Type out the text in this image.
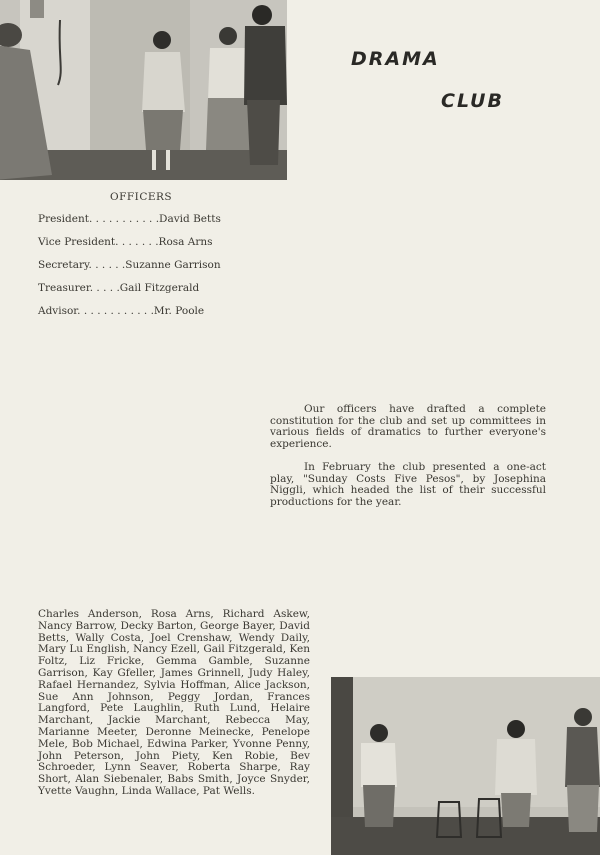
DRAMA
CLUB
OFFICERS
President. . . . . . . . . . .David Betts
Vice President. . . . . . .Rosa Arns
Secretary. . . . . .Suzanne Garrison
Treasurer. . . . .Gail Fitzgerald
Advisor. . . . . . . . . . . .Mr. Poole

Our officers have drafted a complete constitution for the club and set up committees in various fields of dramatics to further everyone's experience.

In February the club presented a one-act play, "Sunday Costs Five Pesos", by Josephina Niggli, which headed the list of their successful productions for the year.

Charles Anderson, Rosa Arns, Richard Askew, Nancy Barrow, Decky Barton, George Bayer, David Betts, Wally Costa, Joel Crenshaw, Wendy Daily, Mary Lu English, Nancy Ezell, Gail Fitzgerald, Ken Foltz, Liz Fricke, Gemma Gamble, Suzanne Garrison, Kay Gfeller, James Grinnell, Judy Haley, Rafael Hernandez, Sylvia Hoffman, Alice Jackson, Sue Ann Johnson, Peggy Jordan, Frances Langford, Pete Laughlin, Ruth Lund, Helaire Marchant, Jackie Marchant, Rebecca May, Marianne Meeter, Deronne Meinecke, Penelope Mele, Bob Michael, Edwina Parker, Yvonne Penny, John Peterson, John Piety, Ken Robie, Bev Schroeder, Lynn Seaver, Roberta Sharpe, Ray Short, Alan Siebenaler, Babs Smith, Joyce Snyder, Yvette Vaughn, Linda Wallace, Pat Wells.
